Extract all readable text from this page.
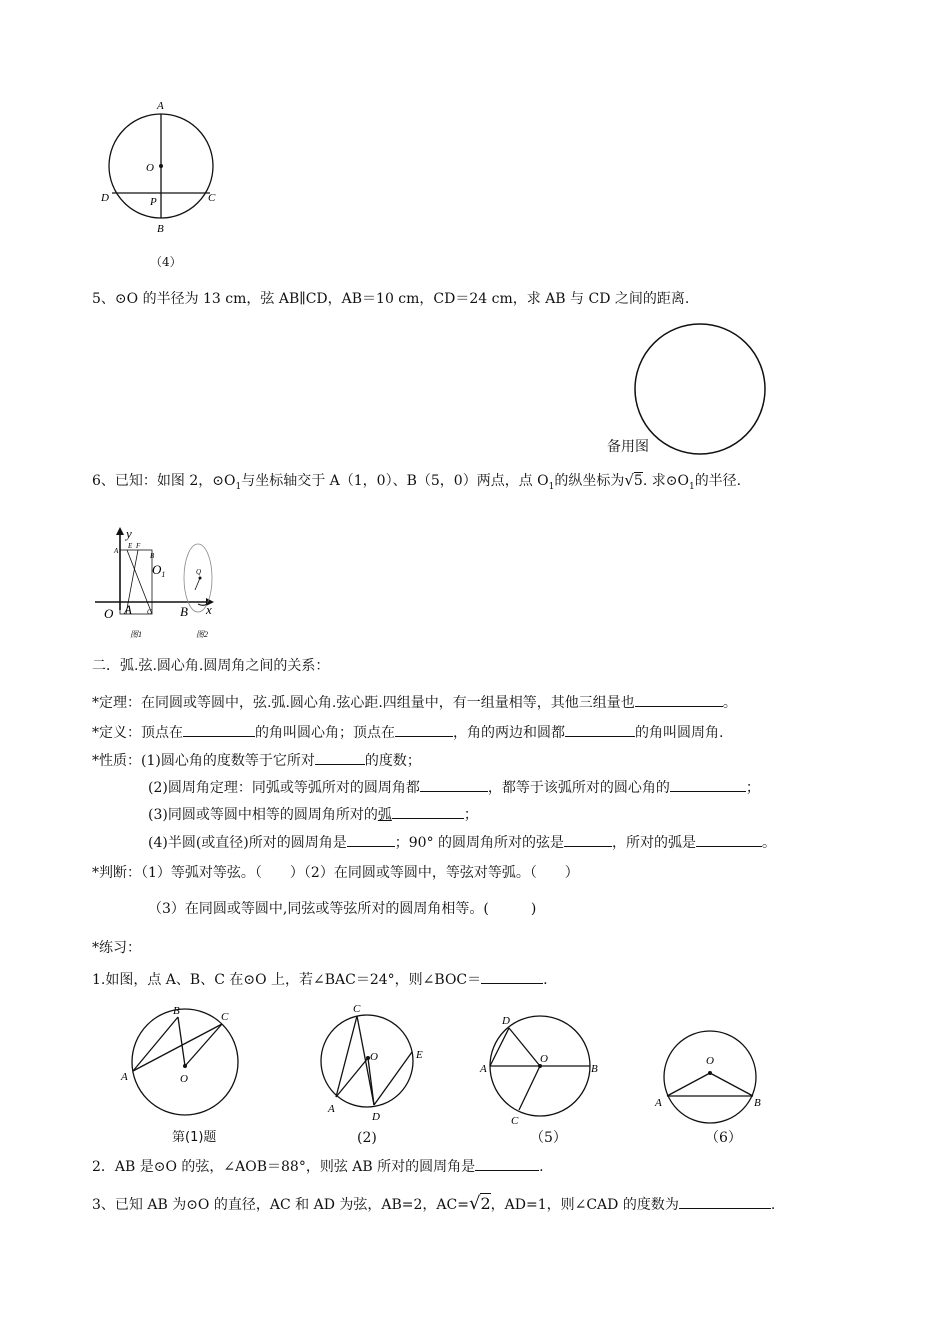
A
O
D	P	C
B
（4）
5、⊙O 的半径为 13 cm，弦 AB∥CD，AB＝10 cm，CD＝24 cm，求 AB 与 CD 之间的距离.
备用图
6、已知：如图 2，$⊙O_1$与坐标轴交于 A（1，0）、B（5，0）两点，点 $O_1$的纵坐标为√5. 求$⊙O_1$的半径.
y
x
O A	B
$O_1$
C
A
E F
B
Q
图1	图2
二．弧.弦.圆心角.圆周角之间的关系：
*定理：在同圆或等圆中，弦.弧.圆心角.弦心距.四组量中，有一组量相等，其他三组量也	。
*定义：顶点在	的角叫圆心角；顶点在	，角的两边和圆都	的角叫圆周角.
*性质：(1)圆心角的度数等于它所对	的度数；
(2)圆周角定理：同弧或等弧所对的圆周角都	，都等于该弧所对的圆心角的	；
(3)同圆或等圆中相等的圆周角所对的弧	；
(4)半圆(或直径)所对的圆周角是	；90° 的圆周角所对的弦是	，所对的弧是	。
*判断：（1）等弧对等弦。（　　）（2）在同圆或等圆中，等弦对等弧。（　　）
（3）在同圆或等圆中,同弦或等弦所对的圆周角相等。(　　　)
*练习：
1.如图，点 A、B、C 在⊙O 上，若∠BAC＝24°，则∠BOC＝	.
A
B	C
O
C
O	E
A
D
D
O
A	B
C
O
A	B
第(1)题	(2)	（5）	（6）
2．AB 是⊙O 的弦，∠AOB＝88°，则弦 AB 所对的圆周角是	.
3、已知 AB 为⊙O 的直径，AC 和 AD 为弦，AB=2，AC=√2，AD=1，则∠CAD 的度数为	.
